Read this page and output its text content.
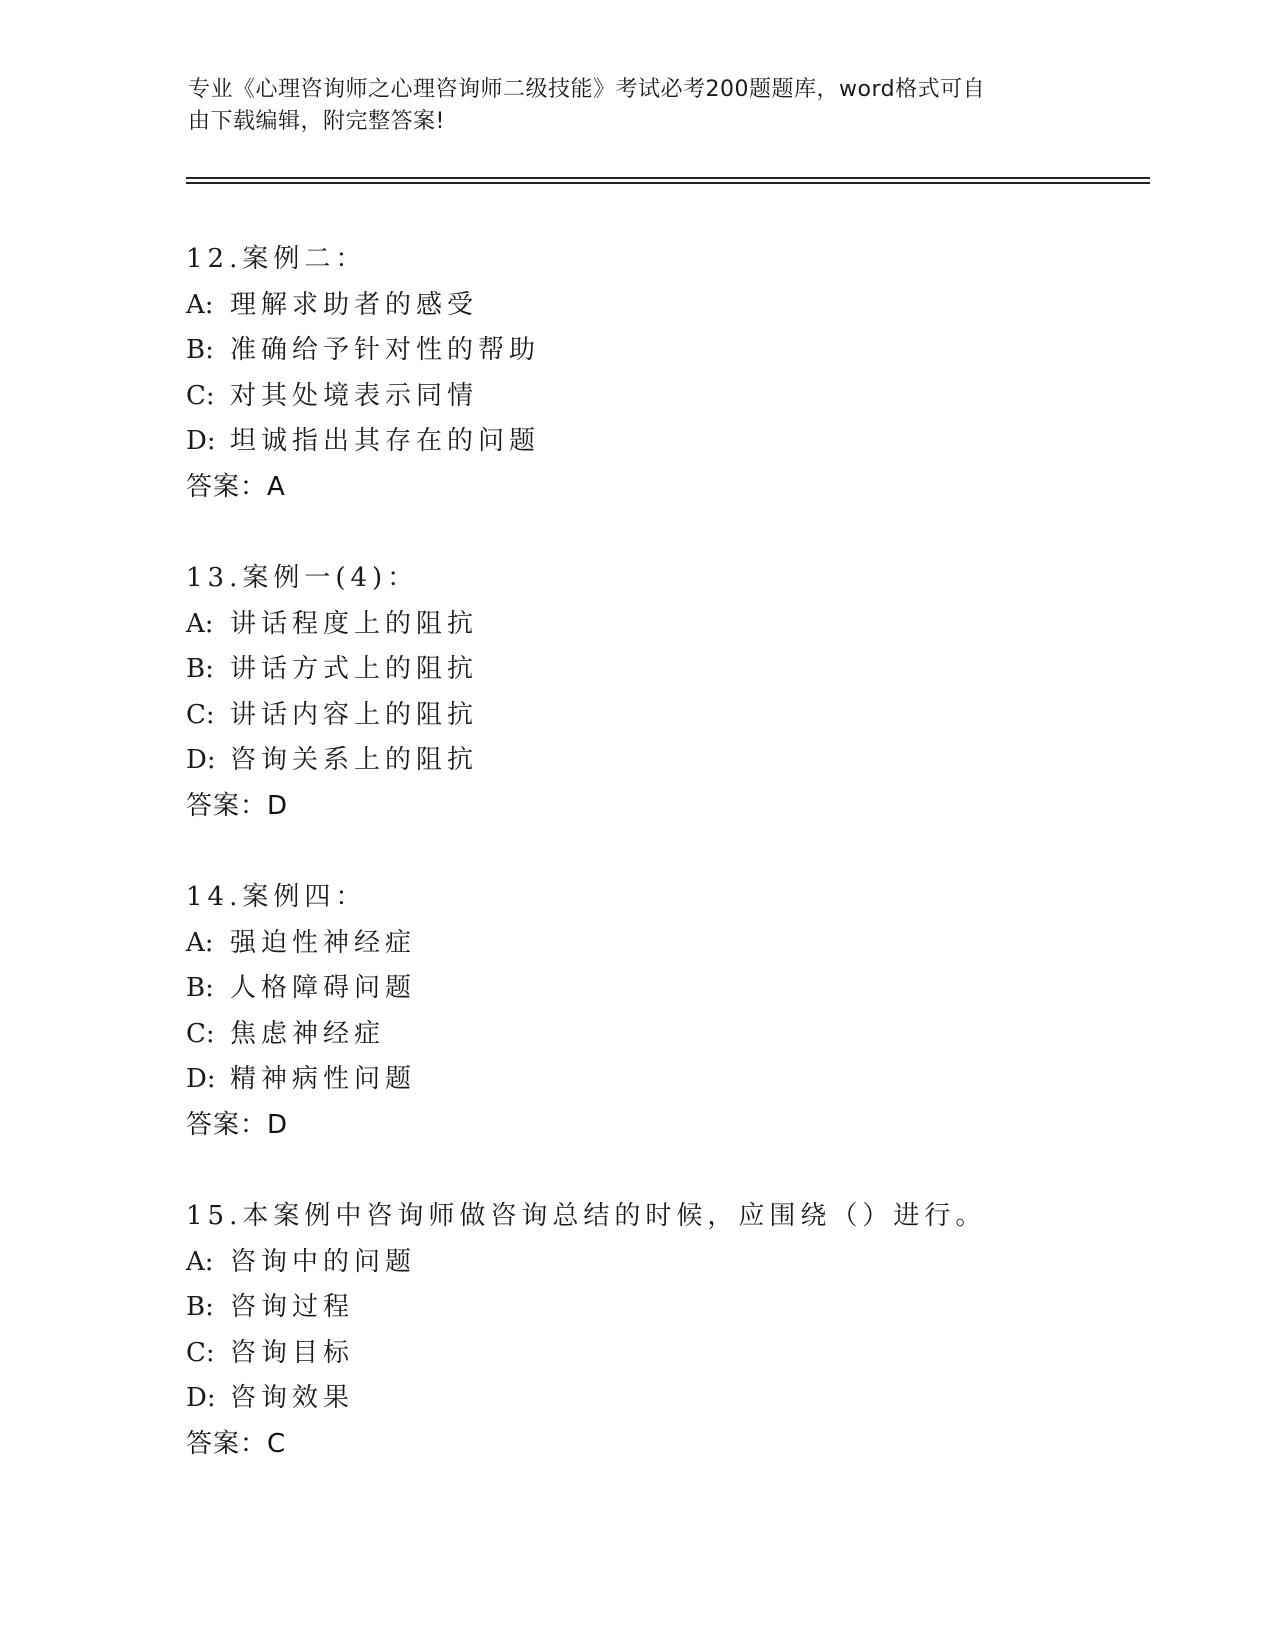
专业《心理咨询师之心理咨询师二级技能》考试必考200题题库，word格式可自
由下载编辑，附完整答案!
12.案例二：
A: 理解求助者的感受
B: 准确给予针对性的帮助
C: 对其处境表示同情
D: 坦诚指出其存在的问题
答案：A
13.案例一(4)：
A: 讲话程度上的阻抗
B: 讲话方式上的阻抗
C: 讲话内容上的阻抗
D: 咨询关系上的阻抗
答案：D
14.案例四：
A: 强迫性神经症
B: 人格障碍问题
C: 焦虑神经症
D: 精神病性问题
答案：D
15.本案例中咨询师做咨询总结的时候，应围绕（）进行。
A: 咨询中的问题
B: 咨询过程
C: 咨询目标
D: 咨询效果
答案：C
